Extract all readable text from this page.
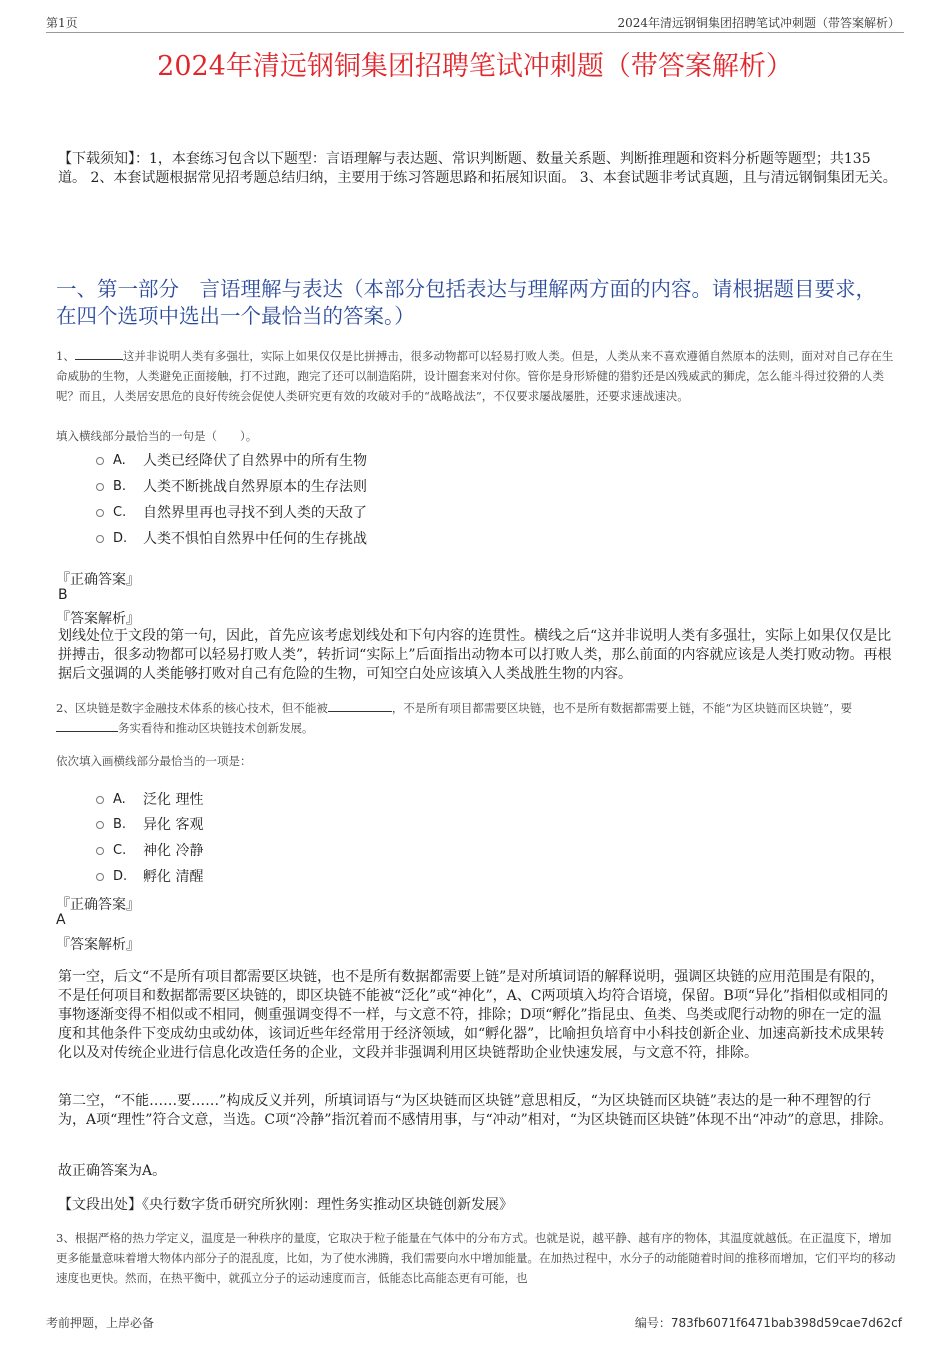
第1页	2024年清远钢铜集团招聘笔试冲刺题（带答案解析）
2024年清远钢铜集团招聘笔试冲刺题（带答案解析）
【下载须知】：1，本套练习包含以下题型：言语理解与表达题、常识判断题、数量关系题、判断推理题和资料分析题等题型；共135道。 2、本套试题根据常见招考题总结归纳，主要用于练习答题思路和拓展知识面。 3、本套试题非考试真题，且与清远钢铜集团无关。
一、第一部分　言语理解与表达（本部分包括表达与理解两方面的内容。请根据题目要求，在四个选项中选出一个最恰当的答案。）
1、	这并非说明人类有多强壮，实际上如果仅仅是比拼搏击，很多动物都可以轻易打败人类。但是，人类从来不喜欢遵循自然原本的法则，面对对自己存在生命威胁的生物，人类避免正面接触，打不过跑，跑完了还可以制造陷阱，设计圈套来对付你。管你是身形矫健的猎豹还是凶残威武的狮虎，怎么能斗得过狡猾的人类呢？而且，人类居安思危的良好传统会促使人类研究更有效的攻破对手的“战略战法”，不仅要求屡战屡胜，还要求速战速决。
填入横线部分最恰当的一句是（　　）。
A.	人类已经降伏了自然界中的所有生物
B.	人类不断挑战自然界原本的生存法则
C.	自然界里再也寻找不到人类的天敌了
D.	人类不惧怕自然界中任何的生存挑战
『正确答案』
B
『答案解析』
划线处位于文段的第一句，因此，首先应该考虑划线处和下句内容的连贯性。横线之后“这并非说明人类有多强壮，实际上如果仅仅是比拼搏击，很多动物都可以轻易打败人类”，转折词“实际上”后面指出动物本可以打败人类，那么前面的内容就应该是人类打败动物。再根据后文强调的人类能够打败对自己有危险的生物，可知空白处应该填入人类战胜生物的内容。
2、区块链是数字金融技术体系的核心技术，但不能被	，不是所有项目都需要区块链，也不是所有数据都需要上链，不能“为区块链而区块链”，要务实看待和推动区块链技术创新发展。
依次填入画横线部分最恰当的一项是：
A.	泛化 理性
B.	异化 客观
C.	神化 冷静
D.	孵化 清醒
『正确答案』
A
『答案解析』
第一空，后文“不是所有项目都需要区块链，也不是所有数据都需要上链”是对所填词语的解释说明，强调区块链的应用范围是有限的，不是任何项目和数据都需要区块链的，即区块链不能被“泛化”或“神化”，A、C两项填入均符合语境，保留。B项“异化”指相似或相同的事物逐渐变得不相似或不相同，侧重强调变得不一样，与文意不符，排除；D项“孵化”指昆虫、鱼类、鸟类或爬行动物的卵在一定的温度和其他条件下变成幼虫或幼体，该词近些年经常用于经济领域，如“孵化器”，比喻担负培育中小科技创新企业、加速高新技术成果转化以及对传统企业进行信息化改造任务的企业，文段并非强调利用区块链帮助企业快速发展，与文意不符，排除。
第二空，“不能……要……”构成反义并列，所填词语与“为区块链而区块链”意思相反，“为区块链而区块链”表达的是一种不理智的行为，A项“理性”符合文意，当选。C项“冷静”指沉着而不感情用事，与“冲动”相对，“为区块链而区块链”体现不出“冲动”的意思，排除。
故正确答案为A。
【文段出处】《央行数字货币研究所狄刚：理性务实推动区块链创新发展》
3、根据严格的热力学定义，温度是一种秩序的量度，它取决于粒子能量在气体中的分布方式。也就是说，越平静、越有序的物体，其温度就越低。在正温度下，增加更多能量意味着增大物体内部分子的混乱度，比如，为了使水沸腾，我们需要向水中增加能量。在加热过程中，水分子的动能随着时间的推移而增加，它们平均的移动速度也更快。然而，在热平衡中，就孤立分子的运动速度而言，低能态比高能态更有可能，也
考前押题，上岸必备	编号：783fb6071f6471bab398d59cae7d62cf
